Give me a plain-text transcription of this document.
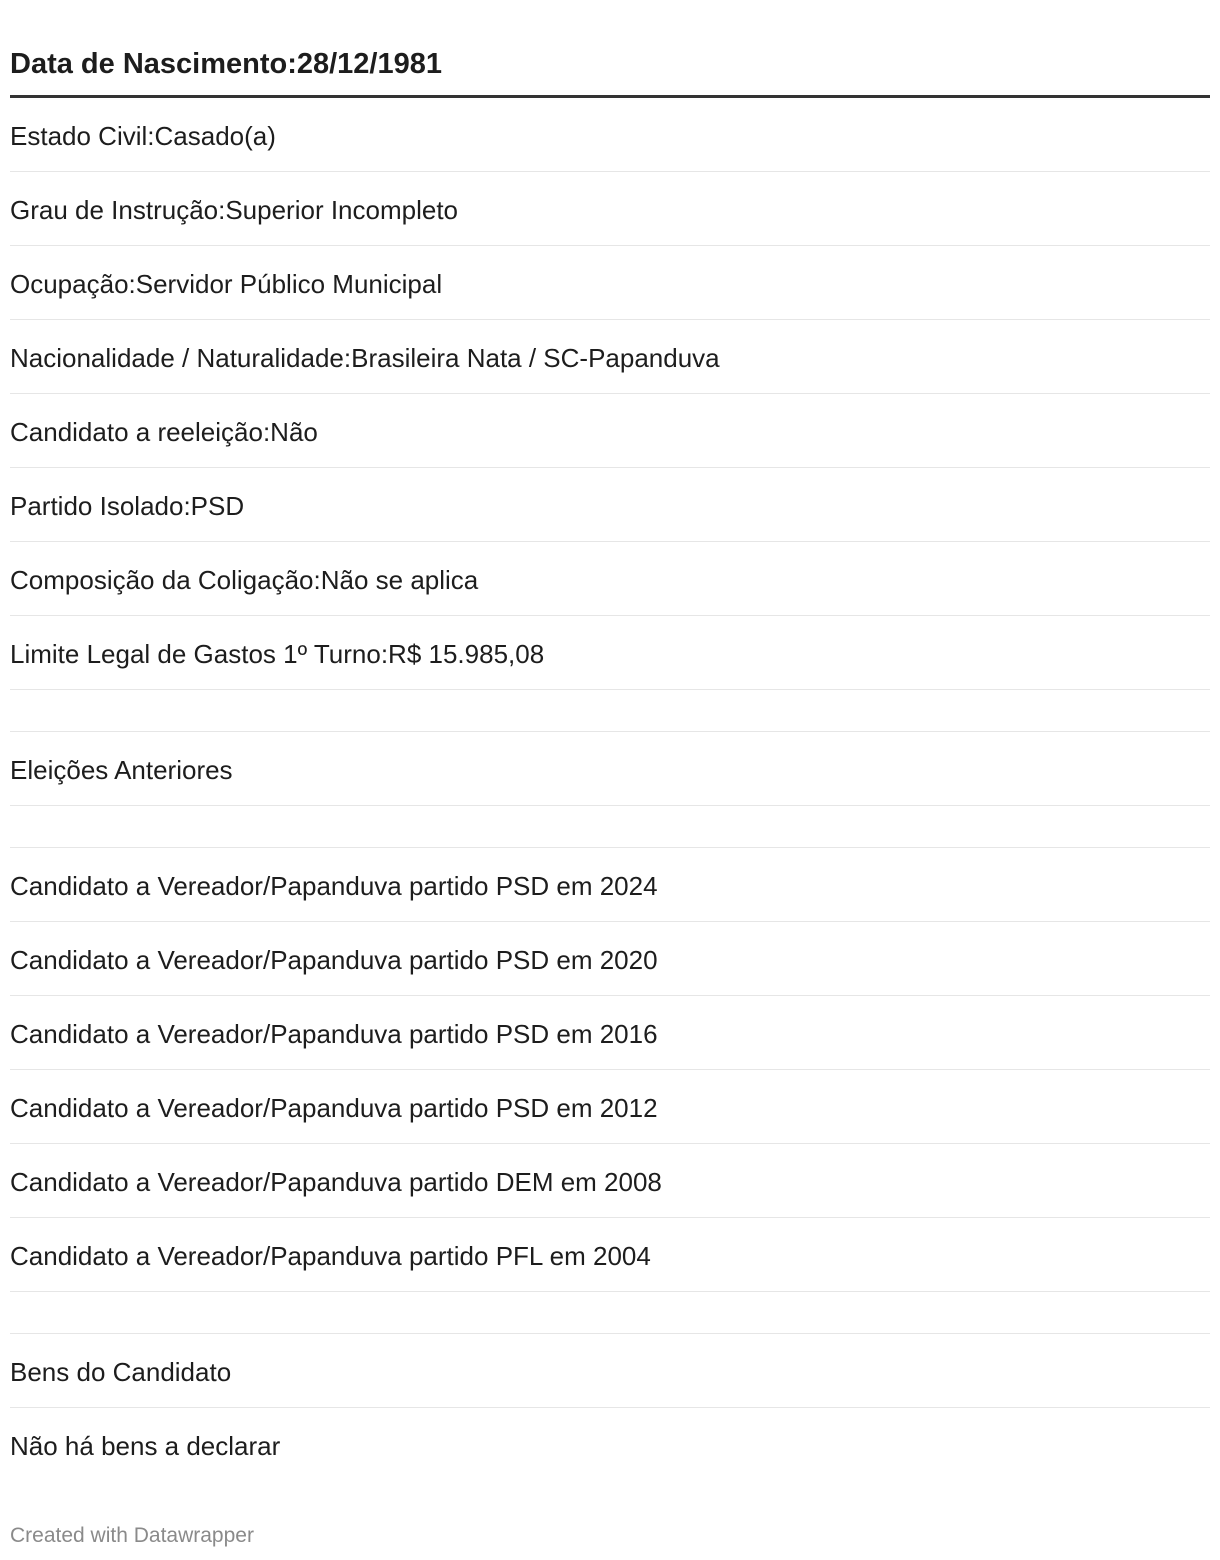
Data de Nascimento:28/12/1981
Estado Civil:Casado(a)
Grau de Instrução:Superior Incompleto
Ocupação:Servidor Público Municipal
Nacionalidade / Naturalidade:Brasileira Nata / SC-Papanduva
Candidato a reeleição:Não
Partido Isolado:PSD
Composição da Coligação:Não se aplica
Limite Legal de Gastos 1º Turno:R$ 15.985,08
Eleições Anteriores
Candidato a Vereador/Papanduva partido PSD em 2024
Candidato a Vereador/Papanduva partido PSD em 2020
Candidato a Vereador/Papanduva partido PSD em 2016
Candidato a Vereador/Papanduva partido PSD em 2012
Candidato a Vereador/Papanduva partido DEM em 2008
Candidato a Vereador/Papanduva partido PFL em 2004
Bens do Candidato
Não há bens a declarar
Created with Datawrapper
